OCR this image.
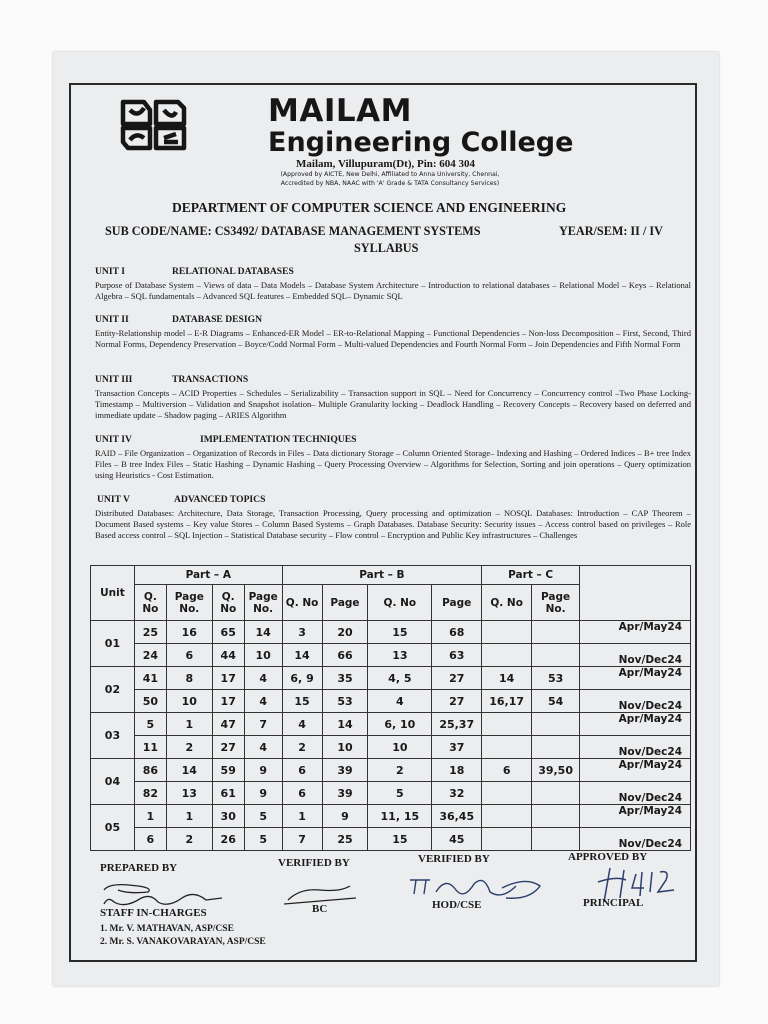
MAILAM
Engineering College
Mailam, Villupuram(Dt), Pin: 604 304
(Approved by AICTE, New Delhi, Affiliated to Anna University, Chennai,
Accredited by NBA, NAAC with 'A' Grade & TATA Consultancy Services)
DEPARTMENT OF COMPUTER SCIENCE AND ENGINEERING
SUB CODE/NAME: CS3492/ DATABASE MANAGEMENT SYSTEMS	YEAR/SEM: II / IV
SYLLABUS
UNIT I	RELATIONAL DATABASES
Purpose of Database System – Views of data – Data Models – Database System Architecture – Introduction to relational databases – Relational Model – Keys – Relational Algebra – SQL fundamentals – Advanced SQL features – Embedded SQL– Dynamic SQL
UNIT II	DATABASE DESIGN
Entity-Relationship model – E-R Diagrams – Enhanced-ER Model – ER-to-Relational Mapping – Functional Dependencies – Non-loss Decomposition – First, Second, Third Normal Forms, Dependency Preservation – Boyce/Codd Normal Form – Multi-valued Dependencies and Fourth Normal Form – Join Dependencies and Fifth Normal Form
UNIT III	TRANSACTIONS
Transaction Concepts – ACID Properties – Schedules – Serializability – Transaction support in SQL – Need for Concurrency – Concurrency control –Two Phase Locking- Timestamp – Multiversion – Validation and Snapshot isolation– Multiple Granularity locking – Deadlock Handling – Recovery Concepts – Recovery based on deferred and immediate update – Shadow paging – ARIES Algorithm
UNIT IV	IMPLEMENTATION TECHNIQUES
RAID – File Organization – Organization of Records in Files – Data dictionary Storage – Column Oriented Storage– Indexing and Hashing – Ordered Indices – B+ tree Index Files – B tree Index Files – Static Hashing – Dynamic Hashing – Query Processing Overview – Algorithms for Selection, Sorting and join operations – Query optimization using Heuristics - Cost Estimation.
UNIT V	ADVANCED TOPICS
Distributed Databases: Architecture, Data Storage, Transaction Processing, Query processing and optimization – NOSQL Databases: Introduction – CAP Theorem – Document Based systems – Key value Stores – Column Based Systems – Graph Databases. Database Security: Security issues – Access control based on privileges – Role Based access control – SQL Injection – Statistical Database security – Flow control – Encryption and Public Key infrastructures – Challenges
Unit	Part – A				Part – B				Part – C		
	Q. No	Page No.	Q. No	Page No.	Q. No	Page	Q. No	Page	Q. No	Page No.	
01	25	16	65	14	3	20	15	68			Apr/May24
	24	6	44	10	14	66	13	63			Nov/Dec24
02	41	8	17	4	6, 9	35	4, 5	27	14	53	Apr/May24
	50	10	17	4	15	53	4	27	16,17	54	Nov/Dec24
03	5	1	47	7	4	14	6, 10	25,37			Apr/May24
	11	2	27	4	2	10	10	37			Nov/Dec24
04	86	14	59	9	6	39	2	18	6	39,50	Apr/May24
	82	13	61	9	6	39	5	32			Nov/Dec24
05	1	1	30	5	1	9	11, 15	36,45			Apr/May24
	6	2	26	5	7	25	15	45			Nov/Dec24
PREPARED BY	VERIFIED BY	VERIFIED BY	APPROVED BY
STAFF IN-CHARGES	BC	HOD/CSE	PRINCIPAL
1. Mr. V. MATHAVAN, ASP/CSE
2. Mr. S. VANAKOVARAYAN, ASP/CSE
